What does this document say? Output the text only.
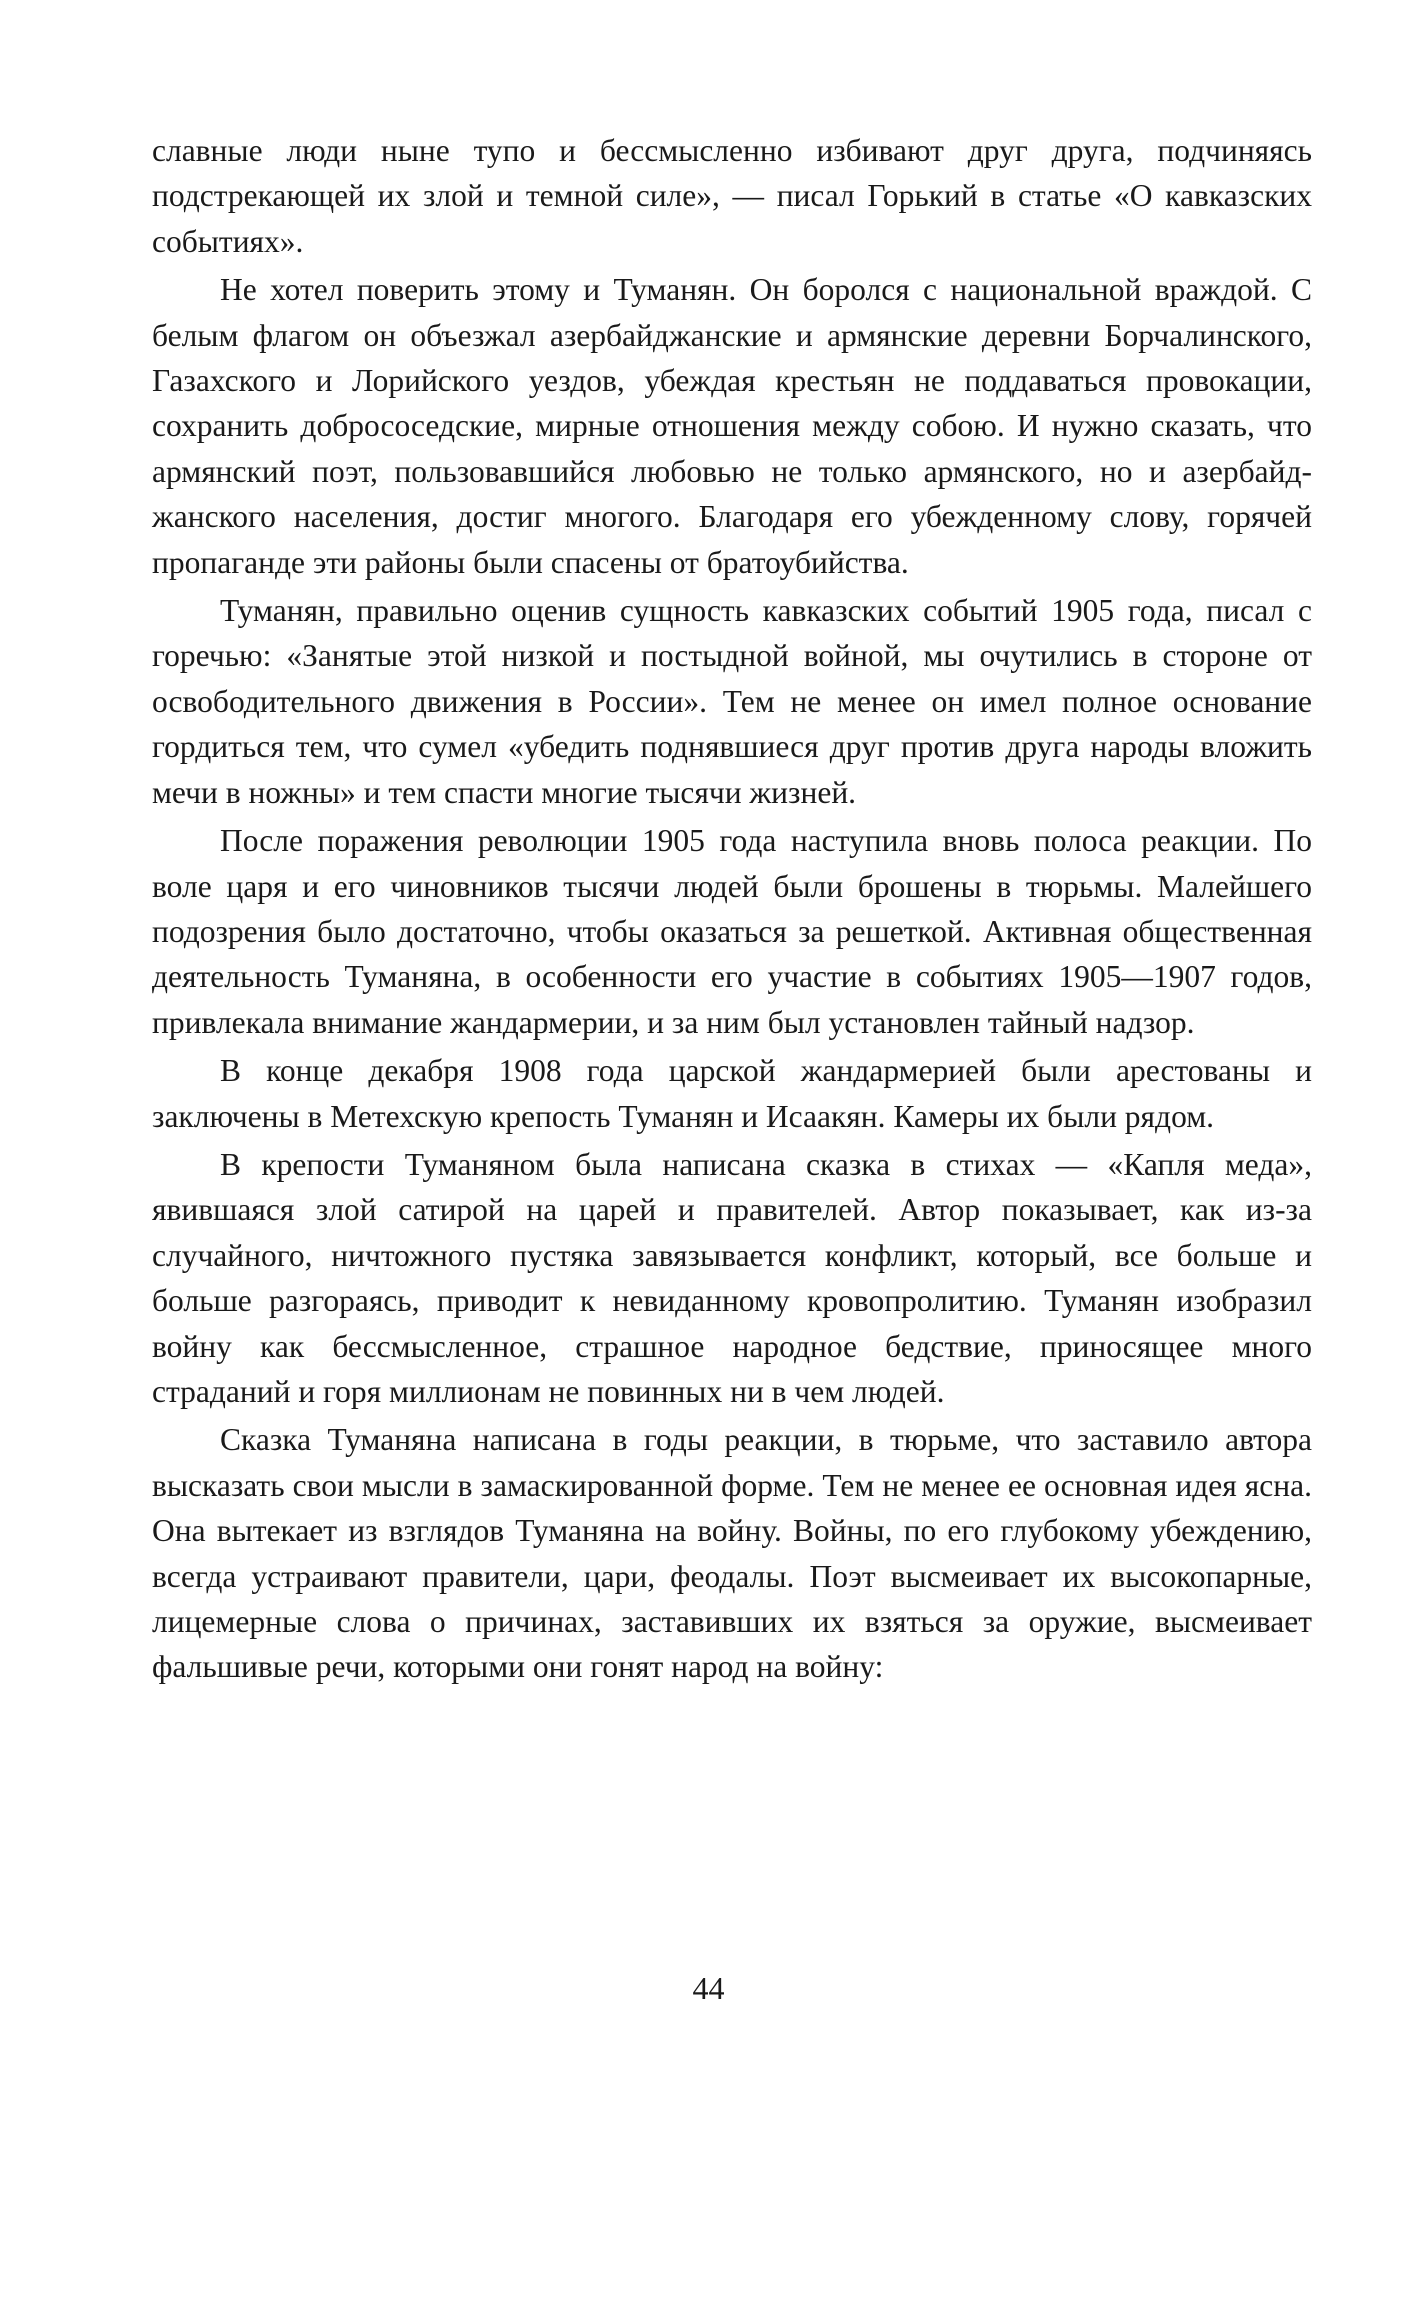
славные люди ныне тупо и бессмысленно избивают друг друга, подчиняясь подстрекающей их злой и темной силе», — писал Горький в статье «О кавказских событиях».

Не хотел поверить этому и Туманян. Он боролся с национальной враждой. С белым флагом он объезжал азербайджанские и армянские деревни Борчалинского, Газахского и Лорийского уездов, убеждая крестьян не поддаваться провокации, сохранить добрососедские, мирные отношения между собою. И нужно сказать, что армянский поэт, пользовавшийся любовью не только армянского, но и азербайджанского населения, достиг многого. Благодаря его убежденному слову, горячей пропаганде эти районы были спасены от братоубийства.

Туманян, правильно оценив сущность кавказских событий 1905 года, писал с горечью: «Занятые этой низкой и постыдной войной, мы очутились в стороне от освободительного движения в России». Тем не менее он имел полное основание гордиться тем, что сумел «убедить поднявшиеся друг против друга народы вложить мечи в ножны» и тем спасти многие тысячи жизней.

После поражения революции 1905 года наступила вновь полоса реакции. По воле царя и его чиновников тысячи людей были брошены в тюрьмы. Малейшего подозрения было достаточно, чтобы оказаться за решеткой. Активная общественная деятельность Туманяна, в особенности его участие в событиях 1905—1907 годов, привлекала внимание жандармерии, и за ним был установлен тайный надзор.

В конце декабря 1908 года царской жандармерией были арестованы и заключены в Метехскую крепость Туманян и Исаакян. Камеры их были рядом.

В крепости Туманяном была написана сказка в стихах — «Капля меда», явившаяся злой сатирой на царей и правителей. Автор показывает, как из-за случайного, ничтожного пустяка завязывается конфликт, который, все больше и больше разгораясь, приводит к невиданному кровопролитию. Туманян изобразил войну как бессмысленное, страшное народное бедствие, приносящее много страданий и горя миллионам не повинных ни в чем людей.

Сказка Туманяна написана в годы реакции, в тюрьме, что заставило автора высказать свои мысли в замаскированной форме. Тем не менее ее основная идея ясна. Она вытекает из взглядов Туманяна на войну. Войны, по его глубокому убеждению, всегда устраивают правители, цари, феодалы. Поэт высмеивает их высокопарные, лицемерные слова о причинах, заставивших их взяться за оружие, высмеивает фальшивые речи, которыми они гонят народ на войну:

44
